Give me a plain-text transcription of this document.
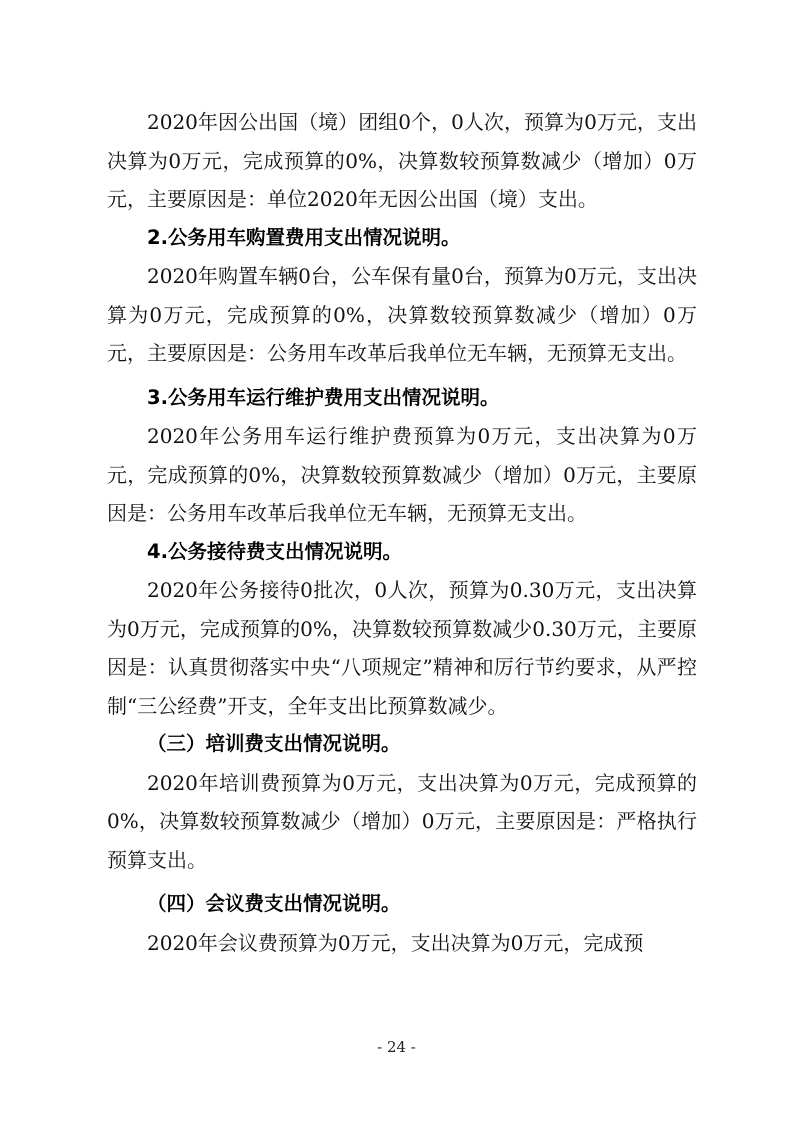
2020年因公出国（境）团组0个，0人次，预算为0万元，支出决算为0万元，完成预算的0%，决算数较预算数减少（增加）0万元，主要原因是：单位2020年无因公出国（境）支出。

2.公务用车购置费用支出情况说明。

2020年购置车辆0台，公车保有量0台，预算为0万元，支出决算为0万元，完成预算的0%，决算数较预算数减少（增加）0万元，主要原因是：公务用车改革后我单位无车辆，无预算无支出。

3.公务用车运行维护费用支出情况说明。

2020年公务用车运行维护费预算为0万元，支出决算为0万元，完成预算的0%，决算数较预算数减少（增加）0万元，主要原因是：公务用车改革后我单位无车辆，无预算无支出。

4.公务接待费支出情况说明。

2020年公务接待0批次，0人次，预算为0.30万元，支出决算为0万元，完成预算的0%，决算数较预算数减少0.30万元，主要原因是：认真贯彻落实中央“八项规定”精神和厉行节约要求，从严控制“三公经费”开支，全年支出比预算数减少。

（三）培训费支出情况说明。

2020年培训费预算为0万元，支出决算为0万元，完成预算的0%，决算数较预算数减少（增加）0万元，主要原因是：严格执行预算支出。

（四）会议费支出情况说明。

2020年会议费预算为0万元，支出决算为0万元，完成预

- 24 -
